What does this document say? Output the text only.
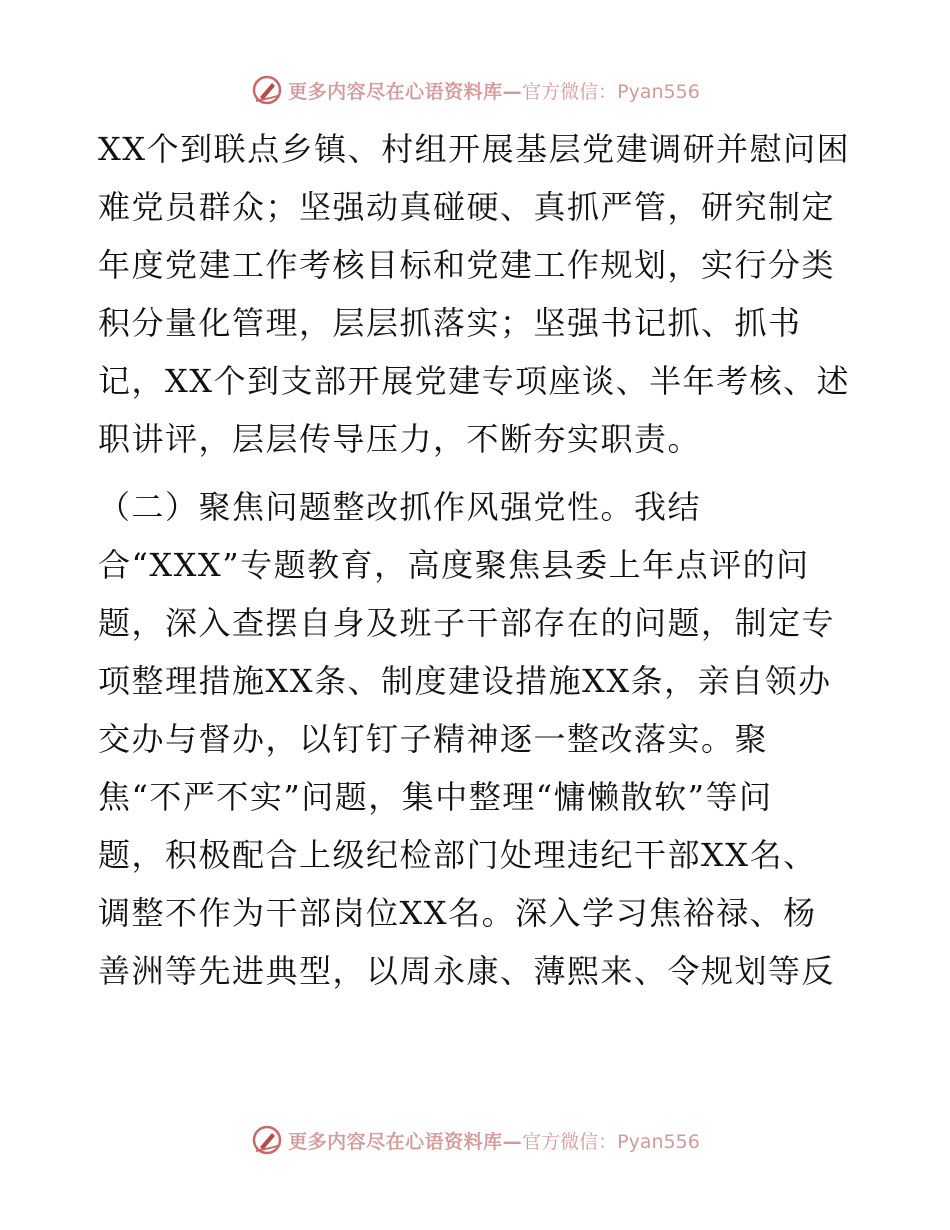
更多内容尽在心语资料库— 官方微信：Pyan556
XX个到联点乡镇、村组开展基层党建调研并慰问困
难党员群众；坚强动真碰硬、真抓严管，研究制定
年度党建工作考核目标和党建工作规划，实行分类
积分量化管理，层层抓落实；坚强书记抓、抓书
记，XX个到支部开展党建专项座谈、半年考核、述
职讲评，层层传导压力，不断夯实职责。
（二）聚焦问题整改抓作风强党性。我结
合“XXX”专题教育，高度聚焦县委上年点评的问
题，深入查摆自身及班子干部存在的问题，制定专
项整理措施XX条、制度建设措施XX条，亲自领办
交办与督办，以钉钉子精神逐一整改落实。聚
焦“不严不实”问题，集中整理“慵懒散软”等问
题，积极配合上级纪检部门处理违纪干部XX名、
调整不作为干部岗位XX名。深入学习焦裕禄、杨
善洲等先进典型，以周永康、薄熙来、令规划等反
更多内容尽在心语资料库— 官方微信：Pyan556
